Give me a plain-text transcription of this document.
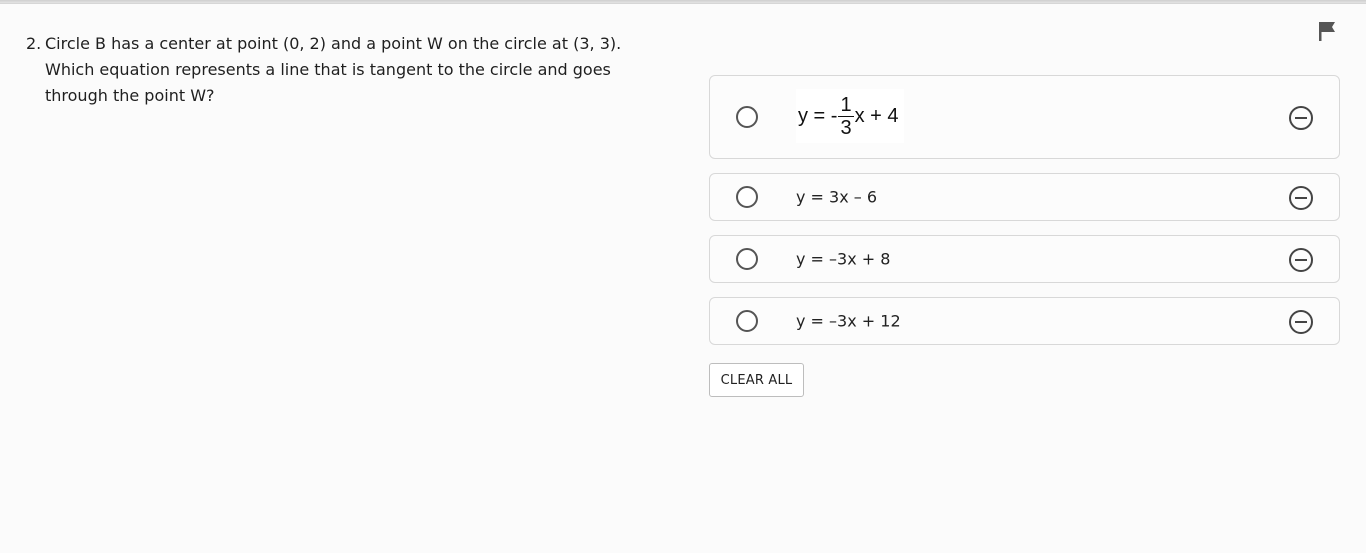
2. Circle B has a center at point (0, 2) and a point W on the circle at (3, 3). Which equation represents a line that is tangent to the circle and goes through the point W?
y = - $\frac{1}{3}$ x + 4
y = 3x – 6
y = –3x + 8
y = –3x + 12
CLEAR ALL
